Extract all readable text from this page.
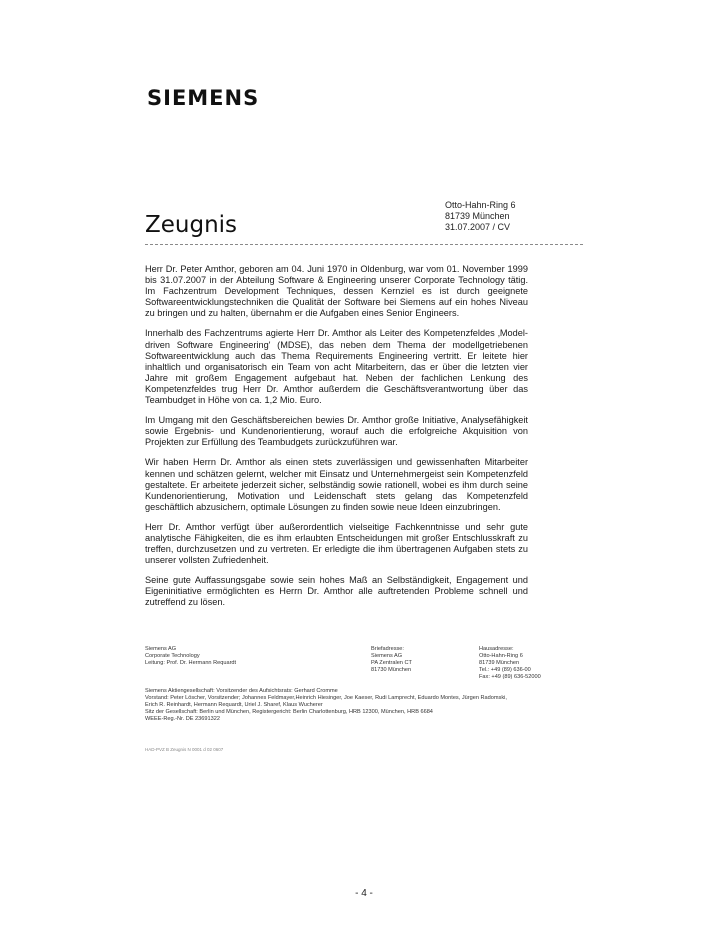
SIEMENS
Zeugnis
Otto-Hahn-Ring 6
81739 München
31.07.2007 / CV

Herr Dr. Peter Amthor, geboren am 04. Juni 1970 in Oldenburg, war vom 01. November 1999 bis 31.07.2007 in der Abteilung Software & Engineering unserer Corporate Technology tätig. Im Fachzentrum Development Techniques, dessen Kernziel es ist durch geeignete Softwareentwicklungstechniken die Qualität der Software bei Siemens auf ein hohes Niveau zu bringen und zu halten, übernahm er die Aufgaben eines Senior Engineers.

Innerhalb des Fachzentrums agierte Herr Dr. Amthor als Leiter des Kompetenzfeldes ‚Model-driven Software Engineering' (MDSE), das neben dem Thema der modellgetriebenen Softwareentwicklung auch das Thema Requirements Engineering vertritt. Er leitete hier inhaltlich und organisatorisch ein Team von acht Mitarbeitern, das er über die letzten vier Jahre mit großem Engagement aufgebaut hat. Neben der fachlichen Lenkung des Kompetenzfeldes trug Herr Dr. Amthor außerdem die Geschäftsverantwortung über das Teambudget in Höhe von ca. 1,2 Mio. Euro.

Im Umgang mit den Geschäftsbereichen bewies Dr. Amthor große Initiative, Analysefähigkeit sowie Ergebnis- und Kundenorientierung, worauf auch die erfolgreiche Akquisition von Projekten zur Erfüllung des Teambudgets zurückzuführen war.

Wir haben Herrn Dr. Amthor als einen stets zuverlässigen und gewissenhaften Mitarbeiter kennen und schätzen gelernt, welcher mit Einsatz und Unternehmergeist sein Kompetenzfeld gestaltete. Er arbeitete jederzeit sicher, selbständig sowie rationell, wobei es ihm durch seine Kundenorientierung, Motivation und Leidenschaft stets gelang das Kompetenzfeld geschäftlich abzusichern, optimale Lösungen zu finden sowie neue Ideen einzubringen.

Herr Dr. Amthor verfügt über außerordentlich vielseitige Fachkenntnisse und sehr gute analytische Fähigkeiten, die es ihm erlaubten Entscheidungen mit großer Entschlusskraft zu treffen, durchzusetzen und zu vertreten. Er erledigte die ihm übertragenen Aufgaben stets zu unserer vollsten Zufriedenheit.

Seine gute Auffassungsgabe sowie sein hohes Maß an Selbständigkeit, Engagement und Eigeninitiative ermöglichten es Herrn Dr. Amthor alle auftretenden Probleme schnell und zutreffend zu lösen.

Siemens AG
Corporate Technology
Leitung: Prof. Dr. Hermann Requardt
Briefadresse:
Siemens AG
PA Zentralen CT
81730 München
Hausadresse:
Otto-Hahn-Ring 6
81739 München
Tel.: +49 (89) 636-00
Fax: +49 (89) 636-52000
Siemens Aktiengesellschaft: Vorsitzender des Aufsichtsrats: Gerhard Cromme
Vorstand: Peter Löscher, Vorsitzender; Johannes Feldmayer,Heinrich Hiesinger, Joe Kaeser, Rudi Lamprecht, Eduardo Montes, Jürgen Radomski,
Erich R. Reinhardt, Hermann Requardt, Uriel J. Sharef, Klaus Wucherer
Sitz der Gesellschaft: Berlin und München, Registergericht: Berlin Charlottenburg, HRB 12300, München, HRB 6684
WEEE-Reg.-Nr. DE 23691322
HAD-PVZ B Zeugnis N 0001 d 02 0607
- 4 -
